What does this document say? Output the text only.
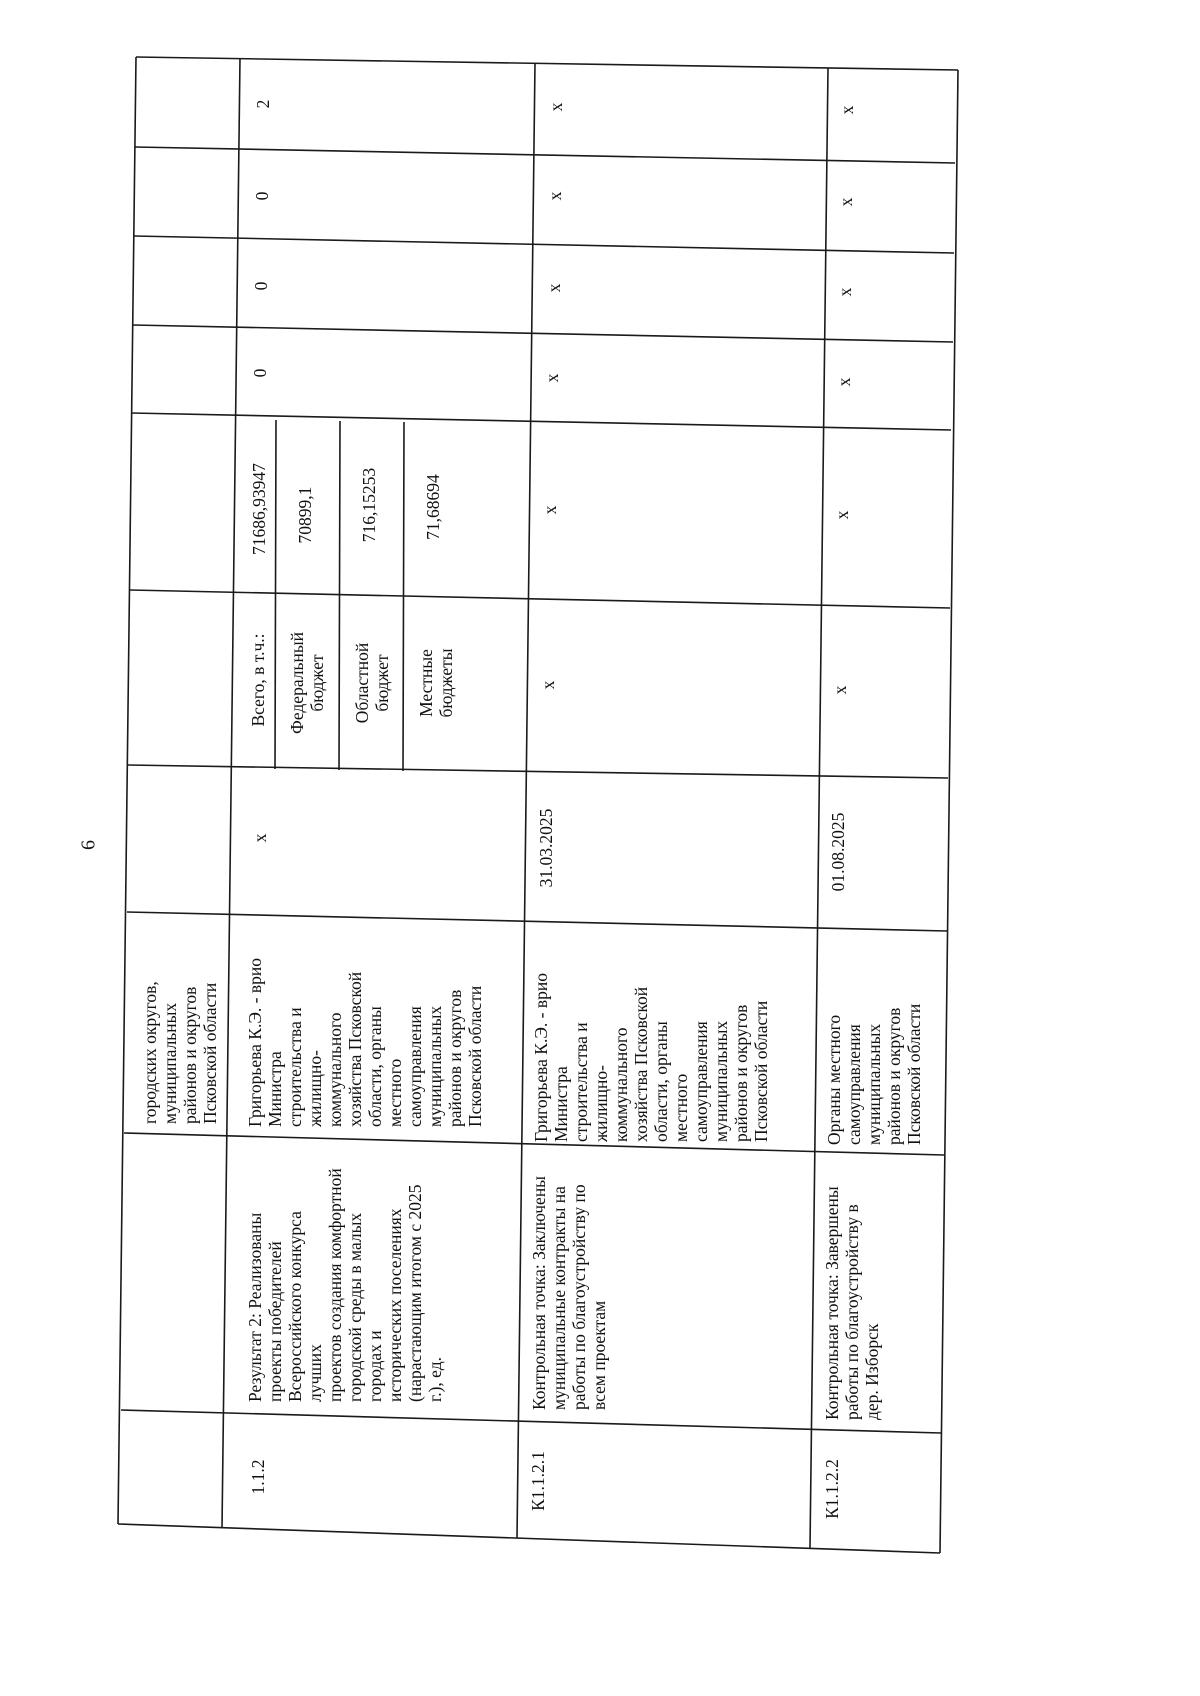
6
городских округов,
муниципальных
районов и округов
Псковской области
1.1.2
Результат 2: Реализованы
проекты победителей
Всероссийского конкурса
лучших
проектов создания комфортной
городской среды в малых
городах и
исторических поселениях
(нарастающим итогом с 2025
г.), ед.
Григорьева К.Э. - врио
Министра
строительства и
жилищно-
коммунального
хозяйства Псковской
области, органы
местного
самоуправления
муниципальных
районов и округов
Псковской области
х
Всего, в т.ч.: Федеральный
бюджет Областной
бюджет Местные
бюджеты
71686,93947 70899,1	716,15253	71,68694
0
0
0
2
К1.1.2.1
Контрольная точка: Заключены
муниципальные контракты на
работы по благоустройству по
всем проектам
Григорьева К.Э. - врио
Министра
строительства и
жилищно-
коммунального
хозяйства Псковской
области, органы
местного
самоуправления
муниципальных
районов и округов
Псковской области
31.03.2025
х
х
х
х
х
х
К1.1.2.2
Контрольная точка: Завершены
работы по благоустройству в
дер. Изборск
Органы местного
самоуправления
муниципальных
районов и округов
Псковской области
01.08.2025
х
х
х
х
х
х
